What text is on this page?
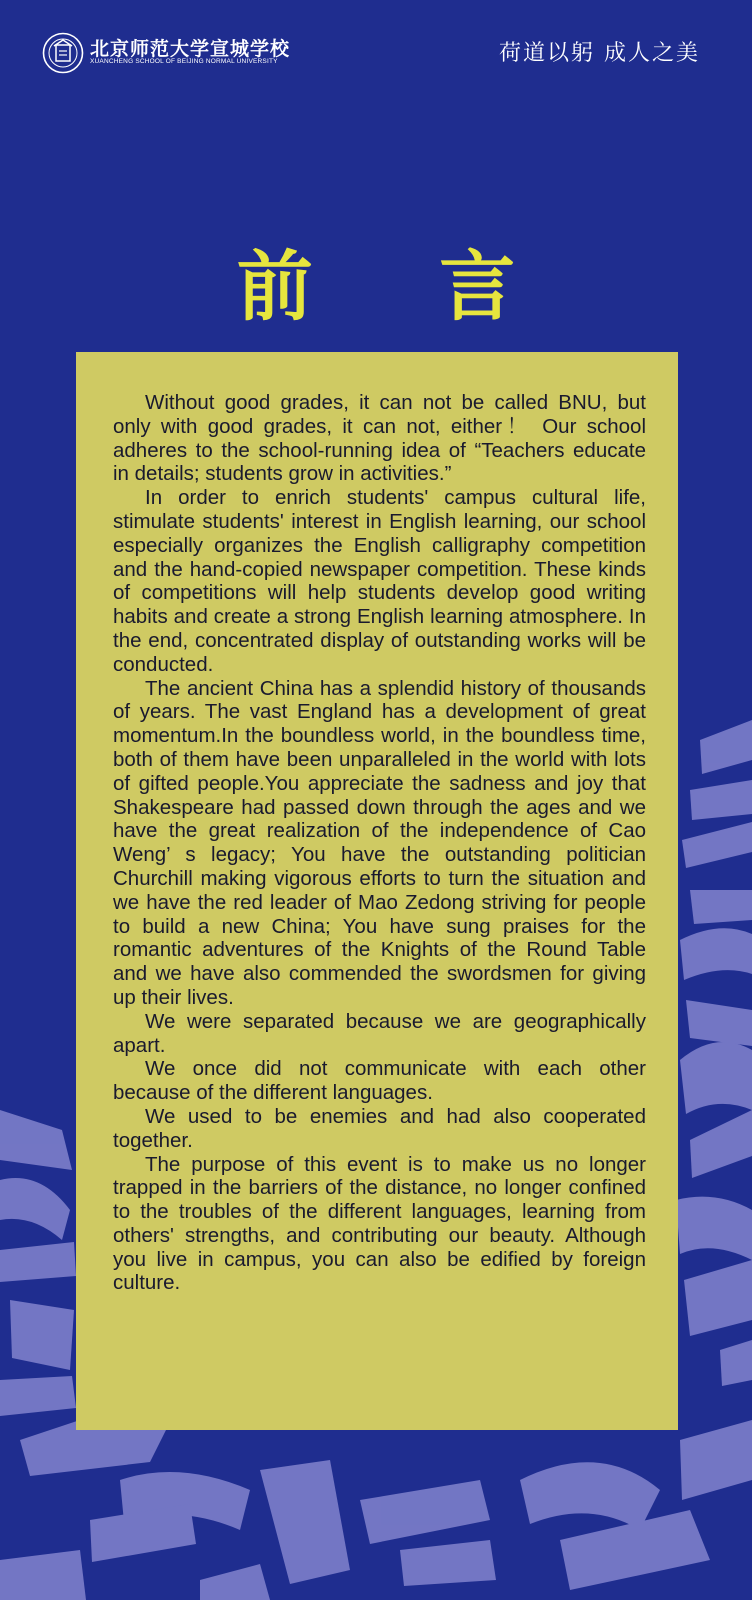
北京师范大学宣城学校
XUANCHENG SCHOOL OF BEIJING NORMAL UNIVERSITY	荷道以躬 成人之美
前 言

Without good grades, it can not be called BNU, but only with good grades, it can not, either！ Our school adheres to the school-running idea of “Teachers educate in details; students grow in activities.”

In order to enrich students' campus cultural life, stimulate students' interest in English learning, our school especially organizes the English calligraphy competition and the hand-copied newspaper competition. These kinds of competitions will help students develop good writing habits and create a strong English learning atmosphere. In the end, concentrated display of outstanding works will be conducted.

The ancient China has a splendid history of thousands of years. The vast England has a development of great momentum.In the boundless world, in the boundless time, both of them have been unparalleled in the world with lots of gifted people.You appreciate the sadness and joy that Shakespeare had passed down through the ages and we have the great realization of the independence of Cao Weng’ s legacy; You have the outstanding politician Churchill making vigorous efforts to turn the situation and we have the red leader of Mao Zedong striving for people to build a new China; You have sung praises for the romantic adventures of the Knights of the Round Table and we have also commended the swordsmen for giving up their lives.

We were separated because we are geographically apart.

We once did not communicate with each other because of the different languages.

We used to be enemies and had also cooperated together.

The purpose of this event is to make us no longer trapped in the barriers of the distance, no longer confined to the troubles of the different languages, learning from others' strengths, and contributing our beauty. Although you live in campus, you can also be edified by foreign culture.
